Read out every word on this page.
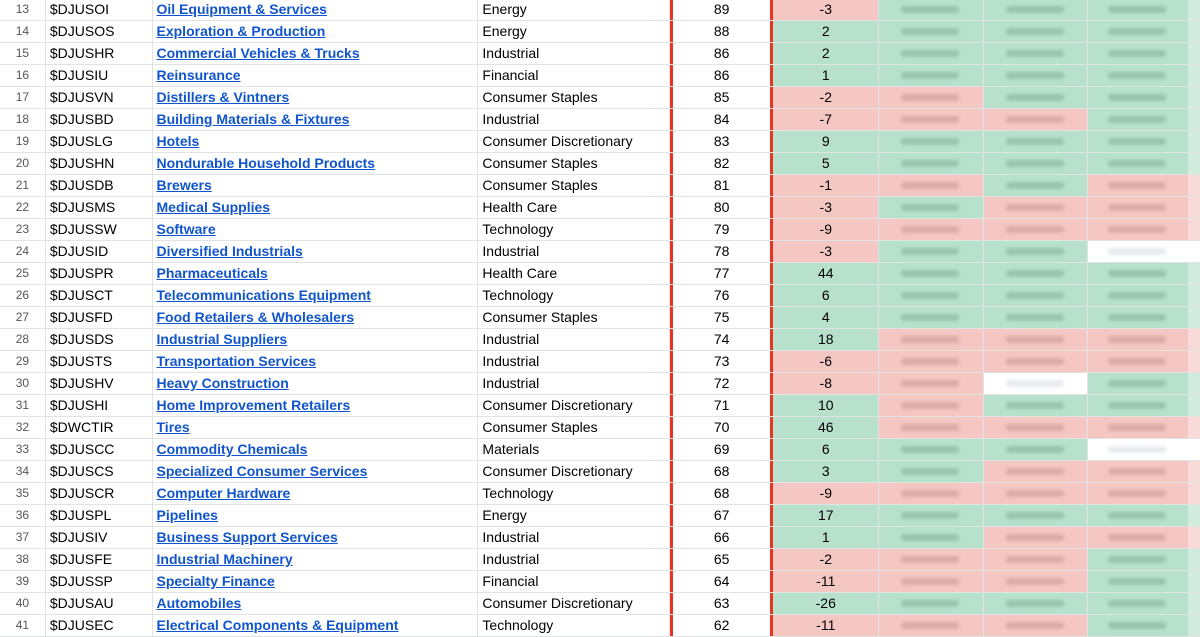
13	$DJUSOI	Oil Equipment & Services	Energy	89	-3
14	$DJUSOS	Exploration & Production	Energy	88	2
15	$DJUSHR	Commercial Vehicles & Trucks	Industrial	86	2
16	$DJUSIU	Reinsurance	Financial	86	1
17	$DJUSVN	Distillers & Vintners	Consumer Staples	85	-2
18	$DJUSBD	Building Materials & Fixtures	Industrial	84	-7
19	$DJUSLG	Hotels	Consumer Discretionary	83	9
20	$DJUSHN	Nondurable Household Products	Consumer Staples	82	5
21	$DJUSDB	Brewers	Consumer Staples	81	-1
22	$DJUSMS	Medical Supplies	Health Care	80	-3
23	$DJUSSW	Software	Technology	79	-9
24	$DJUSID	Diversified Industrials	Industrial	78	-3
25	$DJUSPR	Pharmaceuticals	Health Care	77	44
26	$DJUSCT	Telecommunications Equipment	Technology	76	6
27	$DJUSFD	Food Retailers & Wholesalers	Consumer Staples	75	4
28	$DJUSDS	Industrial Suppliers	Industrial	74	18
29	$DJUSTS	Transportation Services	Industrial	73	-6
30	$DJUSHV	Heavy Construction	Industrial	72	-8
31	$DJUSHI	Home Improvement Retailers	Consumer Discretionary	71	10
32	$DWCTIR	Tires	Consumer Staples	70	46
33	$DJUSCC	Commodity Chemicals	Materials	69	6
34	$DJUSCS	Specialized Consumer Services	Consumer Discretionary	68	3
35	$DJUSCR	Computer Hardware	Technology	68	-9
36	$DJUSPL	Pipelines	Energy	67	17
37	$DJUSIV	Business Support Services	Industrial	66	1
38	$DJUSFE	Industrial Machinery	Industrial	65	-2
39	$DJUSSP	Specialty Finance	Financial	64	-11
40	$DJUSAU	Automobiles	Consumer Discretionary	63	-26
41	$DJUSEC	Electrical Components & Equipment	Technology	62	-11
